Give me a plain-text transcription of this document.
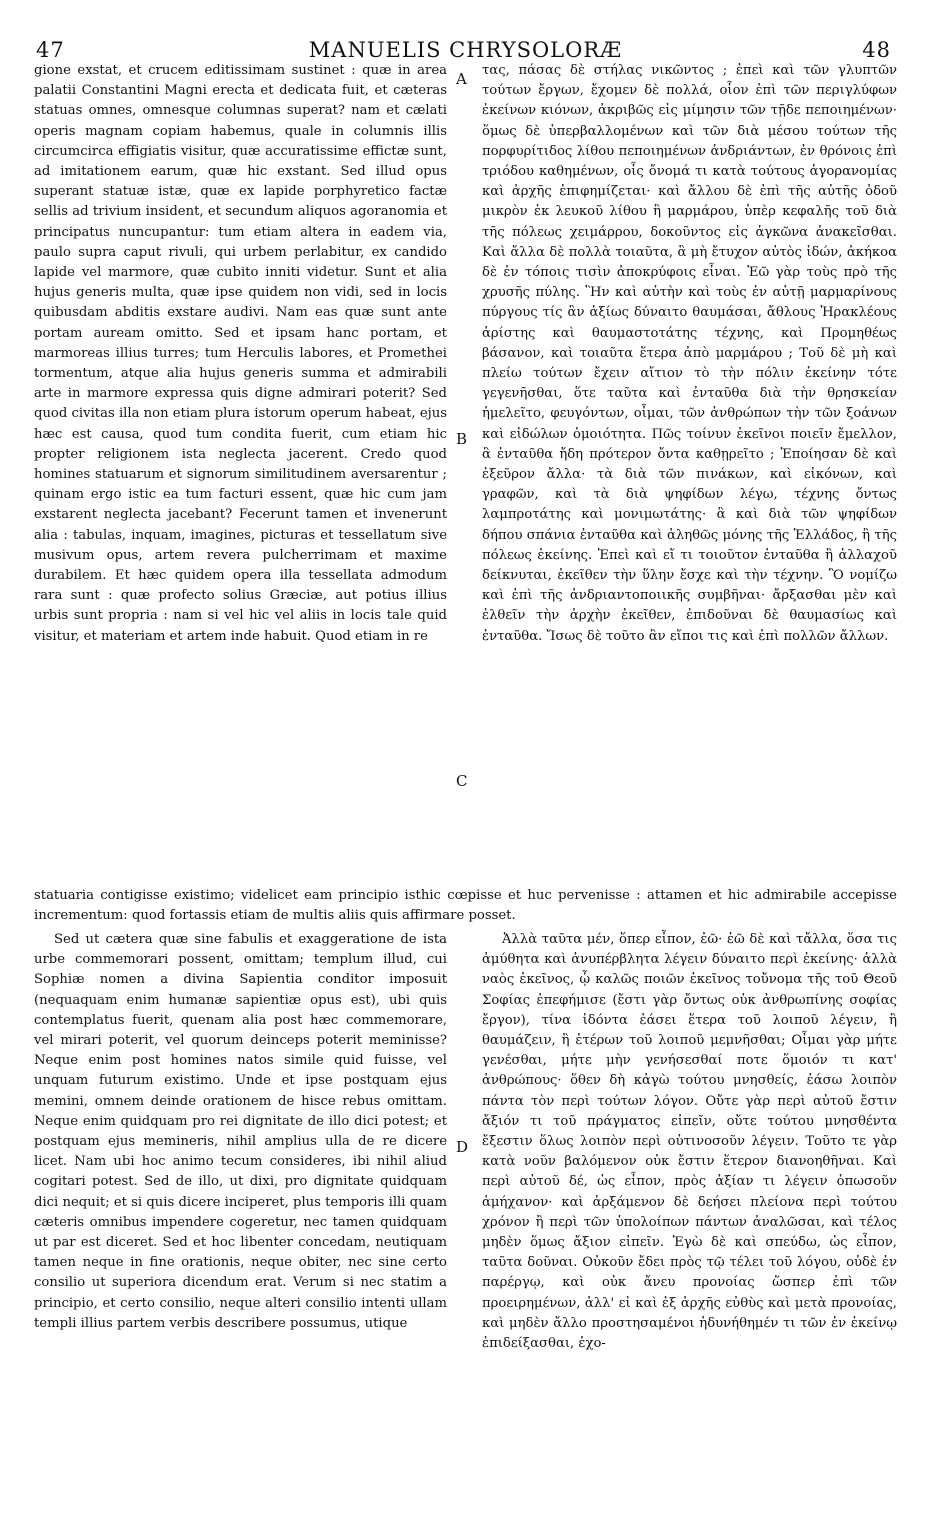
47	MANUELIS CHRYSOLORÆ	48

gione exstat, et crucem editissimam sustinet : quæ in area palatii Constantini Magni erecta et dedicata fuit, et cæteras statuas omnes, omnesque columnas superat? nam et cælati operis magnam copiam habemus, quale in columnis illis circumcirca effigiatis visitur, quæ accuratissime effictæ sunt, ad imitationem earum, quæ hic exstant. Sed illud opus superant statuæ istæ, quæ ex lapide porphyretico factæ sellis ad trivium insident, et secundum aliquos agoranomia et principatus nuncupantur: tum etiam altera in eadem via, paulo supra caput rivuli, qui urbem perlabitur, ex candido lapide vel marmore, quæ cubito inniti videtur. Sunt et alia hujus generis multa, quæ ipse quidem non vidi, sed in locis quibusdam abditis exstare audivi. Nam eas quæ sunt ante portam auream omitto. Sed et ipsam hanc portam, et marmoreas illius turres; tum Herculis labores, et Promethei tormentum, atque alia hujus generis summa et admirabili arte in marmore expressa quis digne admirari poterit? Sed quod civitas illa non etiam plura istorum operum habeat, ejus hæc est causa, quod tum condita fuerit, cum etiam hic propter religionem ista neglecta jacerent. Credo quod homines statuarum et signorum similitudinem aversarentur ; quinam ergo istic ea tum facturi essent, quæ hic cum jam exstarent neglecta jacebant? Fecerunt tamen et invenerunt alia : tabulas, inquam, imagines, picturas et tessellatum sive musivum opus, artem revera pulcherrimam et maxime durabilem. Et hæc quidem opera illa tessellata admodum rara sunt : quæ profecto solius Græciæ, aut potius illius urbis sunt propria : nam si vel hic vel aliis in locis tale quid visitur, et materiam et artem inde habuit. Quod etiam in re

τας, πάσας δὲ στήλας νικῶντος ; ἐπεὶ καὶ τῶν γλυπτῶν τούτων ἔργων, ἔχομεν δὲ πολλά, οἷον ἐπὶ τῶν περιγλύφων ἐκείνων κιόνων, ἀκριβῶς εἰς μίμησιν τῶν τῇδε πεποιημένων· ὅμως δὲ ὑπερβαλλομένων καὶ τῶν διὰ μέσου τούτων τῆς πορφυρίτιδος λίθου πεποιημένων ἀνδριάντων, ἐν θρόνοις ἐπὶ τριόδου καθημένων, οἷς ὄνομά τι κατὰ τούτους ἀγορανομίας καὶ ἀρχῆς ἐπιφημίζεται· καὶ ἄλλου δὲ ἐπὶ τῆς αὐτῆς ὁδοῦ μικρὸν ἐκ λευκοῦ λίθου ἢ μαρμάρου, ὑπὲρ κεφαλῆς τοῦ διὰ τῆς πόλεως χειμάρρου, δοκοῦντος εἰς ἀγκῶνα ἀνακεῖσθαι. Καὶ ἄλλα δὲ πολλὰ τοιαῦτα, ἃ μὴ ἔτυχον αὐτὸς ἰδών, ἀκήκοα δὲ ἐν τόποις τισὶν ἀποκρύφοις εἶναι. Ἐῶ γὰρ τοὺς πρὸ τῆς χρυσῆς πύλης. Ἣν καὶ αὐτὴν καὶ τοὺς ἐν αὐτῇ μαρμαρίνους πύργους τίς ἂν ἀξίως δύναιτο θαυμάσαι, ἄθλους Ἡρακλέους ἀρίστης καὶ θαυμαστοτάτης τέχνης, καὶ Προμηθέως βάσανον, καὶ τοιαῦτα ἕτερα ἀπὸ μαρμάρου ; Τοῦ δὲ μὴ καὶ πλείω τούτων ἔχειν αἴτιον τὸ τὴν πόλιν ἐκείνην τότε γεγενῆσθαι, ὅτε ταῦτα καὶ ἐνταῦθα διὰ τὴν θρησκείαν ἠμελεῖτο, φευγόντων, οἶμαι, τῶν ἀνθρώπων τὴν τῶν ξοάνων καὶ εἰδώλων ὁμοιότητα. Πῶς τοίνυν ἐκεῖνοι ποιεῖν ἔμελλον, ἃ ἐνταῦθα ἤδη πρότερον ὄντα καθῃρεῖτο ; Ἐποίησαν δὲ καὶ ἐξεῦρον ἄλλα· τὰ διὰ τῶν πινάκων, καὶ εἰκόνων, καὶ γραφῶν, καὶ τὰ διὰ ψηφίδων λέγω, τέχνης ὄντως λαμπροτάτης καὶ μονιμωτάτης· ἃ καὶ διὰ τῶν ψηφίδων δήπου σπάνια ἐνταῦθα καὶ ἀληθῶς μόνης τῆς Ἑλλάδος, ἢ τῆς πόλεως ἐκείνης. Ἐπεὶ καὶ εἴ τι τοιοῦτον ἐνταῦθα ἢ ἀλλαχοῦ δείκνυται, ἐκεῖθεν τὴν ὕλην ἔσχε καὶ τὴν τέχνην. Ὃ νομίζω καὶ ἐπὶ τῆς ἀνδριαντοποιικῆς συμβῆναι· ἄρξασθαι μὲν καὶ ἐλθεῖν τὴν ἀρχὴν ἐκεῖθεν, ἐπιδοῦναι δὲ θαυμασίως καὶ ἐνταῦθα. Ἴσως δὲ τοῦτο ἂν εἴποι τις καὶ ἐπὶ πολλῶν ἄλλων.

A
B
C
D

statuaria contigisse existimo; videlicet eam principio isthic cœpisse et huc pervenisse : attamen et hic admirabile accepisse incrementum: quod fortassis etiam de multis aliis quis affirmare posset.

Sed ut cætera quæ sine fabulis et exaggeratione de ista urbe commemorari possent, omittam; templum illud, cui Sophiæ nomen a divina Sapientia conditor imposuit (nequaquam enim humanæ sapientiæ opus est), ubi quis contemplatus fuerit, quenam alia post hæc commemorare, vel mirari poterit, vel quorum deinceps poterit meminisse? Neque enim post homines natos simile quid fuisse, vel unquam futurum existimo. Unde et ipse postquam ejus memini, omnem deinde orationem de hisce rebus omittam. Neque enim quidquam pro rei dignitate de illo dici potest; et postquam ejus memineris, nihil amplius ulla de re dicere licet. Nam ubi hoc animo tecum consideres, ibi nihil aliud cogitari potest. Sed de illo, ut dixi, pro dignitate quidquam dici nequit; et si quis dicere inciperet, plus temporis illi quam cæteris omnibus impendere cogeretur, nec tamen quidquam ut par est diceret. Sed et hoc libenter concedam, neutiquam tamen neque in fine orationis, neque obiter, nec sine certo consilio ut superiora dicendum erat. Verum si nec statim a principio, et certo consilio, neque alteri consilio intenti ullam templi illius partem verbis describere possumus, utique

Ἀλλὰ ταῦτα μέν, ὅπερ εἶπον, ἐῶ· ἐῶ δὲ καὶ τἄλλα, ὅσα τις ἀμύθητα καὶ ἀνυπέρβλητα λέγειν δύναιτο περὶ ἐκείνης· ἀλλὰ ναὸς ἐκεῖνος, ᾧ καλῶς ποιῶν ἐκεῖνος τοὔνομα τῆς τοῦ Θεοῦ Σοφίας ἐπεφήμισε (ἔστι γὰρ ὄντως οὐκ ἀνθρωπίνης σοφίας ἔργον), τίνα ἰδόντα ἐάσει ἕτερα τοῦ λοιποῦ λέγειν, ἢ θαυμάζειν, ἢ ἑτέρων τοῦ λοιποῦ μεμνῆσθαι; Οἶμαι γὰρ μήτε γενέσθαι, μήτε μὴν γενήσεσθαί ποτε ὅμοιόν τι κατ' ἀνθρώπους· ὅθεν δὴ κἀγὼ τούτου μνησθείς, ἐάσω λοιπὸν πάντα τὸν περὶ τούτων λόγον. Οὔτε γὰρ περὶ αὐτοῦ ἔστιν ἄξιόν τι τοῦ πράγματος εἰπεῖν, οὔτε τούτου μνησθέντα ἔξεστιν ὅλως λοιπὸν περὶ οὑτινοσοῦν λέγειν. Τοῦτο τε γὰρ κατὰ νοῦν βαλόμενον οὐκ ἔστιν ἕτερον διανοηθῆναι. Καὶ περὶ αὐτοῦ δέ, ὡς εἶπον, πρὸς ἀξίαν τι λέγειν ὁπωσοῦν ἀμήχανον· καὶ ἀρξάμενον δὲ δεήσει πλείονα περὶ τούτου χρόνον ἢ περὶ τῶν ὑπολοίπων πάντων ἀναλῶσαι, καὶ τέλος μηδὲν ὅμως ἄξιον εἰπεῖν. Ἐγὼ δὲ καὶ σπεύδω, ὡς εἶπον, ταῦτα δοῦναι. Οὐκοῦν ἔδει πρὸς τῷ τέλει τοῦ λόγου, οὐδὲ ἐν παρέργῳ, καὶ οὐκ ἄνευ προνοίας ὥσπερ ἐπὶ τῶν προειρημένων, ἀλλ' εἰ καὶ ἐξ ἀρχῆς εὐθὺς καὶ μετὰ προνοίας, καὶ μηδὲν ἄλλο προστησαμένοι ἡδυνήθημέν τι τῶν ἐν ἐκείνῳ ἐπιδείξασθαι, ἐχο-
